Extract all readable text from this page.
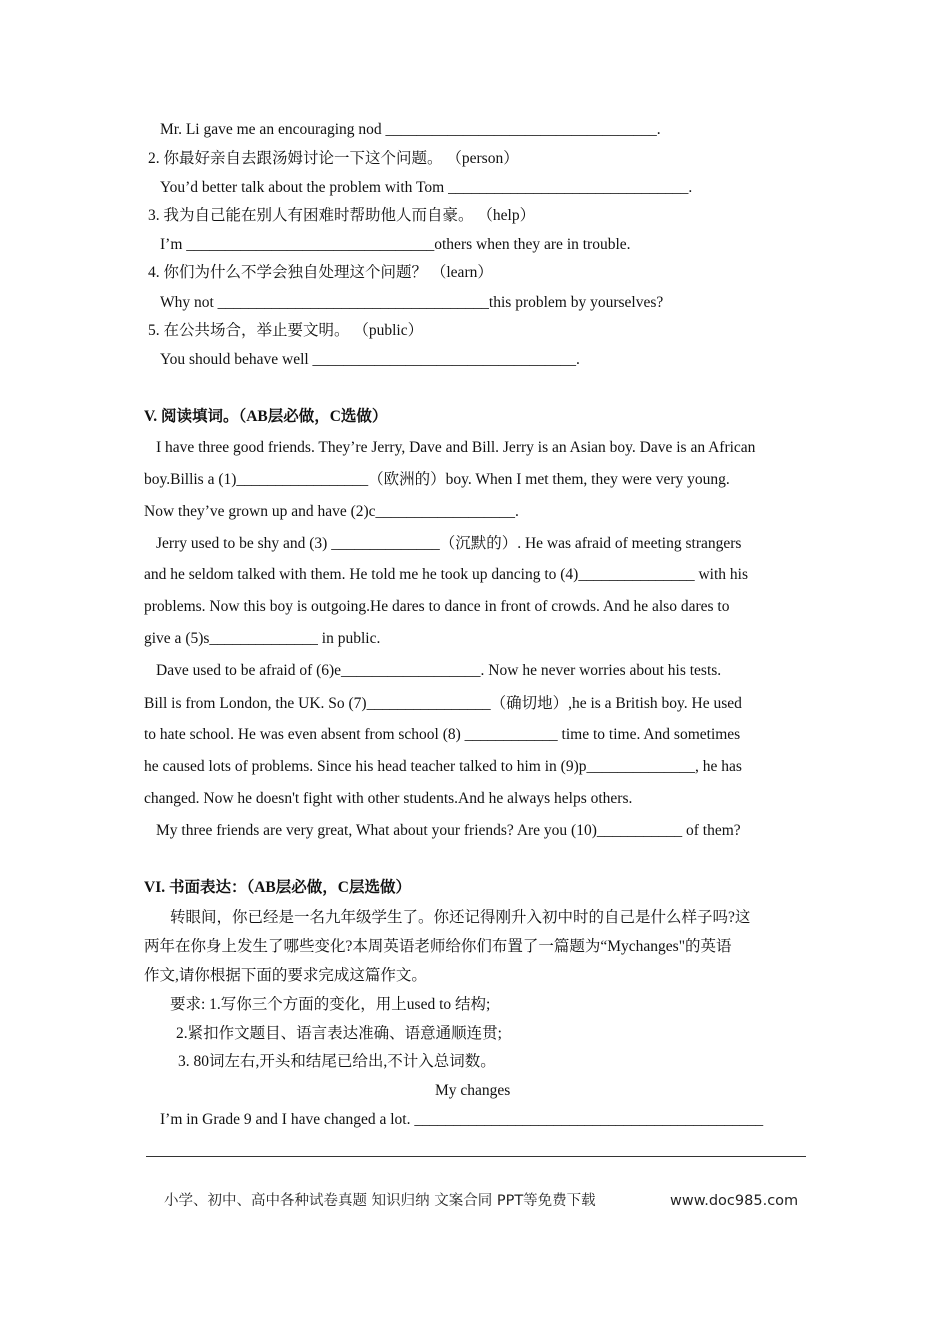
Mr. Li gave me an encouraging nod ___________________________________.
2. 你最好亲自去跟汤姆讨论一下这个问题。 （person）
You’d better talk about the problem with Tom _______________________________.
3. 我为自己能在别人有困难时帮助他人而自豪。 （help）
I’m ________________________________others when they are in trouble.
4. 你们为什么不学会独自处理这个问题？ （learn）
Why not ___________________________________this problem by yourselves?
5. 在公共场合，举止要文明。 （public）
You should behave well __________________________________.
V. 阅读填词。（AB层必做，C选做）
I have three good friends. They’re Jerry, Dave and Bill. Jerry is an Asian boy. Dave is an African
boy.Billis a (1)_________________（欧洲的）boy. When I met them, they were very young.
Now they’ve grown up and have (2)c__________________.
Jerry used to be shy and (3) ______________（沉默的）. He was afraid of meeting strangers
and he seldom talked with them. He told me he took up dancing to (4)_______________ with his
problems. Now this boy is outgoing.He dares to dance in front of crowds. And he also dares to
give a (5)s______________ in public.
Dave used to be afraid of (6)e__________________. Now he never worries about his tests.
Bill is from London, the UK. So (7)________________（确切地）,he is a British boy. He used
to hate school. He was even absent from school (8) ____________ time to time. And sometimes
he caused lots of problems. Since his head teacher talked to him in (9)p______________, he has
changed. Now he doesn't fight with other students.And he always helps others.
My three friends are very great, What about your friends? Are you (10)___________ of them?
VI. 书面表达：（AB层必做，C层选做）
转眼间，你已经是一名九年级学生了。你还记得刚升入初中时的自己是什么样子吗?这
两年在你身上发生了哪些变化?本周英语老师给你们布置了一篇题为“Mychanges"的英语
作文,请你根据下面的要求完成这篇作文。
要求: 1.写你三个方面的变化，用上used to 结构;
2.紧扣作文题目、语言表达准确、语意通顺连贯;
3. 80词左右,开头和结尾已给出,不计入总词数。
My changes
I’m in Grade 9 and I have changed a lot. _____________________________________________
小学、初中、高中各种试卷真题 知识归纳 文案合同 PPT等免费下载	www.doc985.com
